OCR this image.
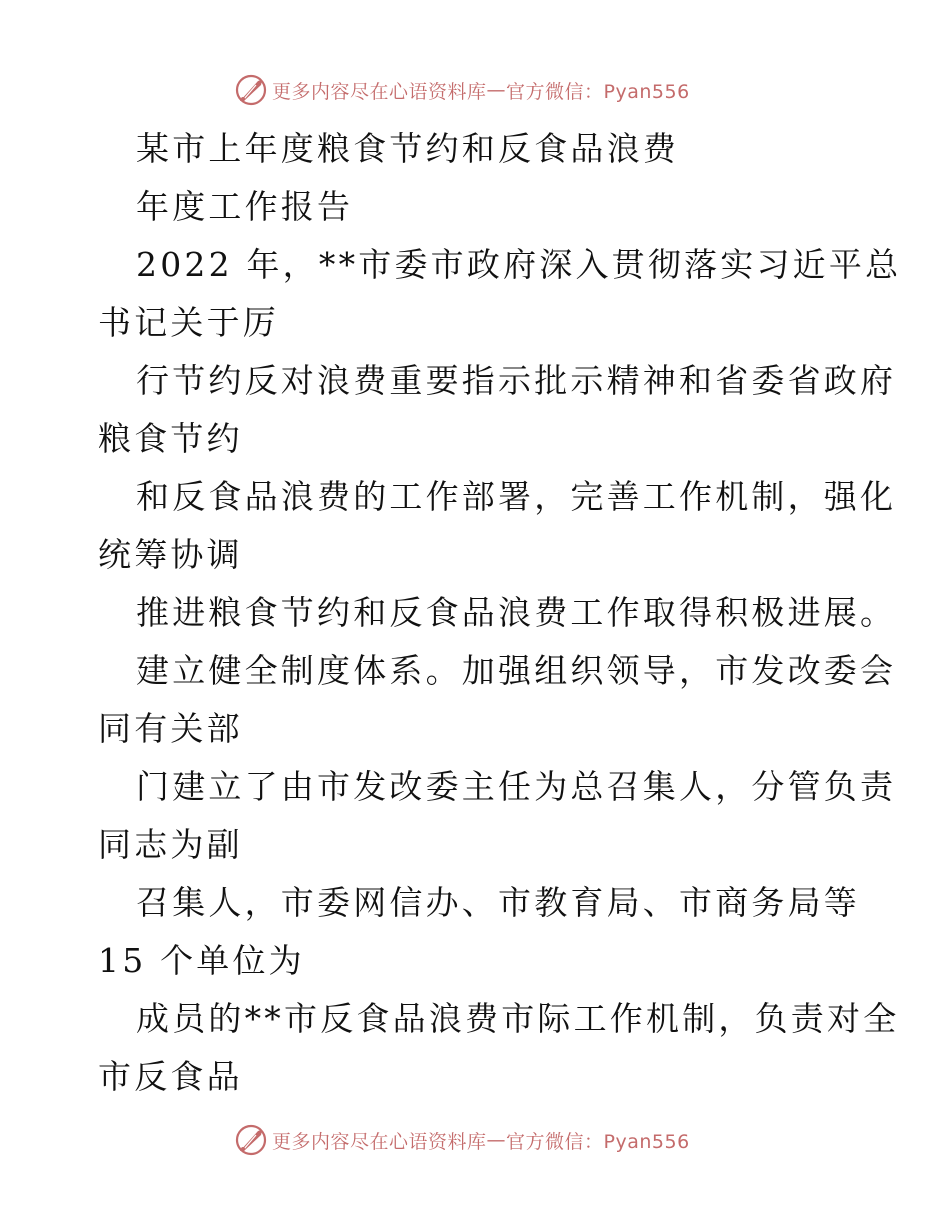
更多内容尽在心语资料库 — 官方微信：Pyan556
某市上年度粮食节约和反食品浪费
年度工作报告
2022 年，**市委市政府深入贯彻落实习近平总
书记关于厉
行节约反对浪费重要指示批示精神和省委省政府
粮食节约
和反食品浪费的工作部署，完善工作机制，强化
统筹协调
推进粮食节约和反食品浪费工作取得积极进展。
建立健全制度体系。加强组织领导，市发改委会
同有关部
门建立了由市发改委主任为总召集人，分管负责
同志为副
召集人，市委网信办、市教育局、市商务局等
15 个单位为
成员的**市反食品浪费市际工作机制，负责对全
市反食品
更多内容尽在心语资料库 — 官方微信：Pyan556
